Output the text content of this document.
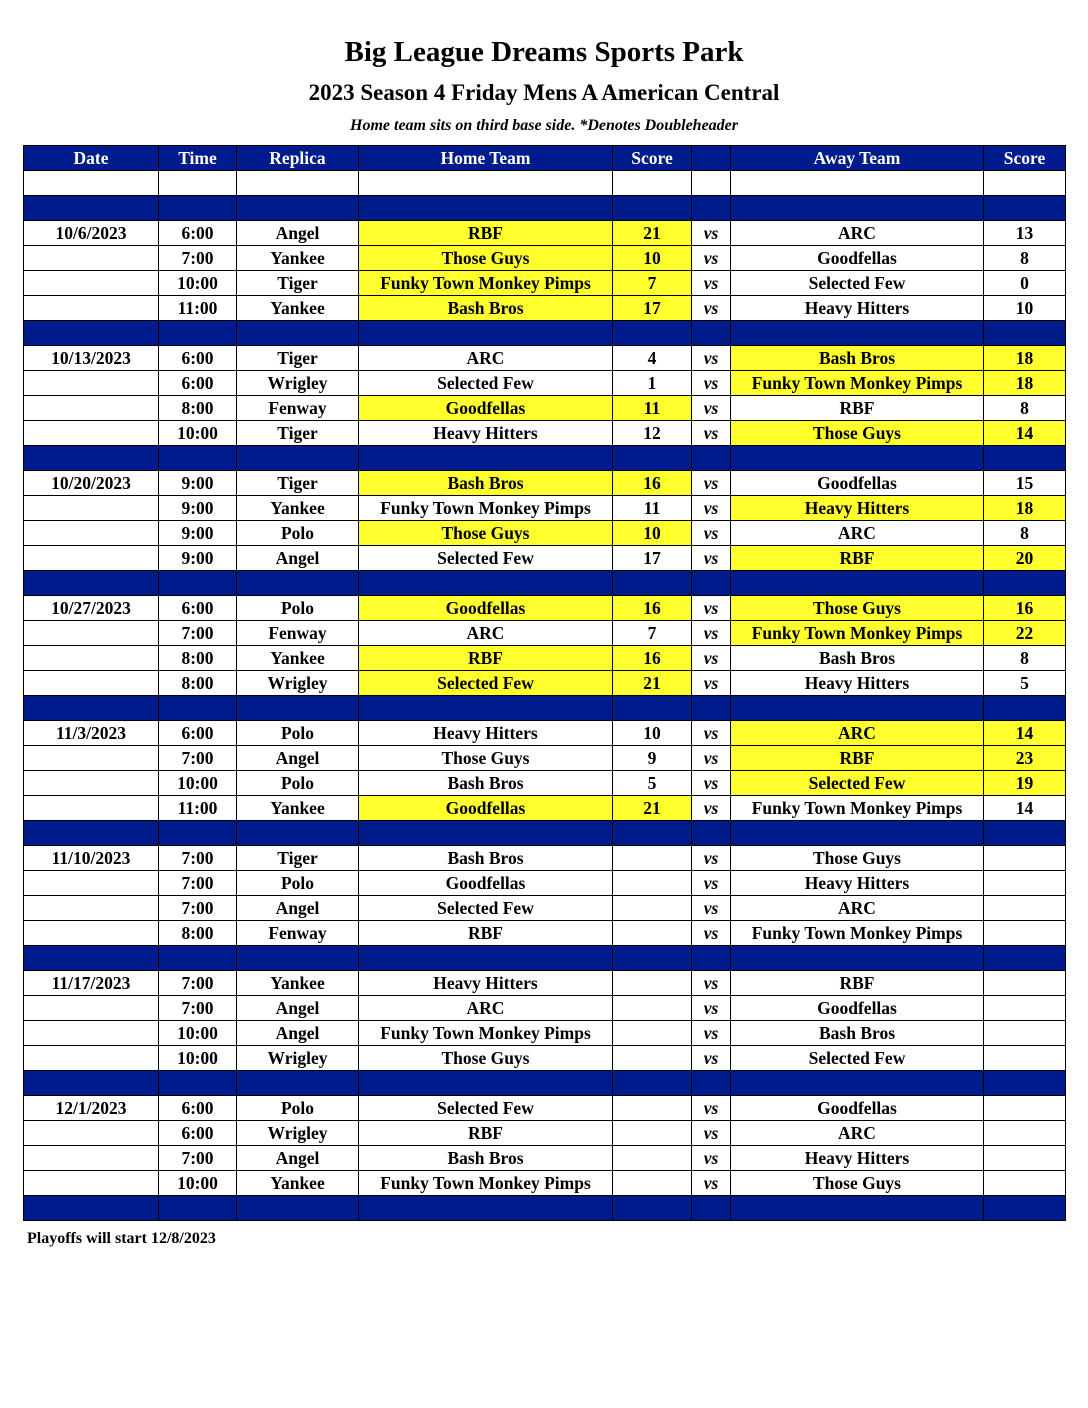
Big League Dreams Sports Park
2023 Season 4 Friday Mens A American Central
Home team sits on third base side. *Denotes Doubleheader
Date	Time	Replica	Home Team	Score		Away Team	Score

10/6/2023	6:00	Angel	RBF	21	vs	ARC	13
	7:00	Yankee	Those Guys	10	vs	Goodfellas	8
	10:00	Tiger	Funky Town Monkey Pimps	7	vs	Selected Few	0
	11:00	Yankee	Bash Bros	17	vs	Heavy Hitters	10

10/13/2023	6:00	Tiger	ARC	4	vs	Bash Bros	18
	6:00	Wrigley	Selected Few	1	vs	Funky Town Monkey Pimps	18
	8:00	Fenway	Goodfellas	11	vs	RBF	8
	10:00	Tiger	Heavy Hitters	12	vs	Those Guys	14

10/20/2023	9:00	Tiger	Bash Bros	16	vs	Goodfellas	15
	9:00	Yankee	Funky Town Monkey Pimps	11	vs	Heavy Hitters	18
	9:00	Polo	Those Guys	10	vs	ARC	8
	9:00	Angel	Selected Few	17	vs	RBF	20

10/27/2023	6:00	Polo	Goodfellas	16	vs	Those Guys	16
	7:00	Fenway	ARC	7	vs	Funky Town Monkey Pimps	22
	8:00	Yankee	RBF	16	vs	Bash Bros	8
	8:00	Wrigley	Selected Few	21	vs	Heavy Hitters	5

11/3/2023	6:00	Polo	Heavy Hitters	10	vs	ARC	14
	7:00	Angel	Those Guys	9	vs	RBF	23
	10:00	Polo	Bash Bros	5	vs	Selected Few	19
	11:00	Yankee	Goodfellas	21	vs	Funky Town Monkey Pimps	14

11/10/2023	7:00	Tiger	Bash Bros		vs	Those Guys	
	7:00	Polo	Goodfellas		vs	Heavy Hitters	
	7:00	Angel	Selected Few		vs	ARC	
	8:00	Fenway	RBF		vs	Funky Town Monkey Pimps	

11/17/2023	7:00	Yankee	Heavy Hitters		vs	RBF	
	7:00	Angel	ARC		vs	Goodfellas	
	10:00	Angel	Funky Town Monkey Pimps		vs	Bash Bros	
	10:00	Wrigley	Those Guys		vs	Selected Few	

12/1/2023	6:00	Polo	Selected Few		vs	Goodfellas	
	6:00	Wrigley	RBF		vs	ARC	
	7:00	Angel	Bash Bros		vs	Heavy Hitters	
	10:00	Yankee	Funky Town Monkey Pimps		vs	Those Guys	

Playoffs will start 12/8/2023
